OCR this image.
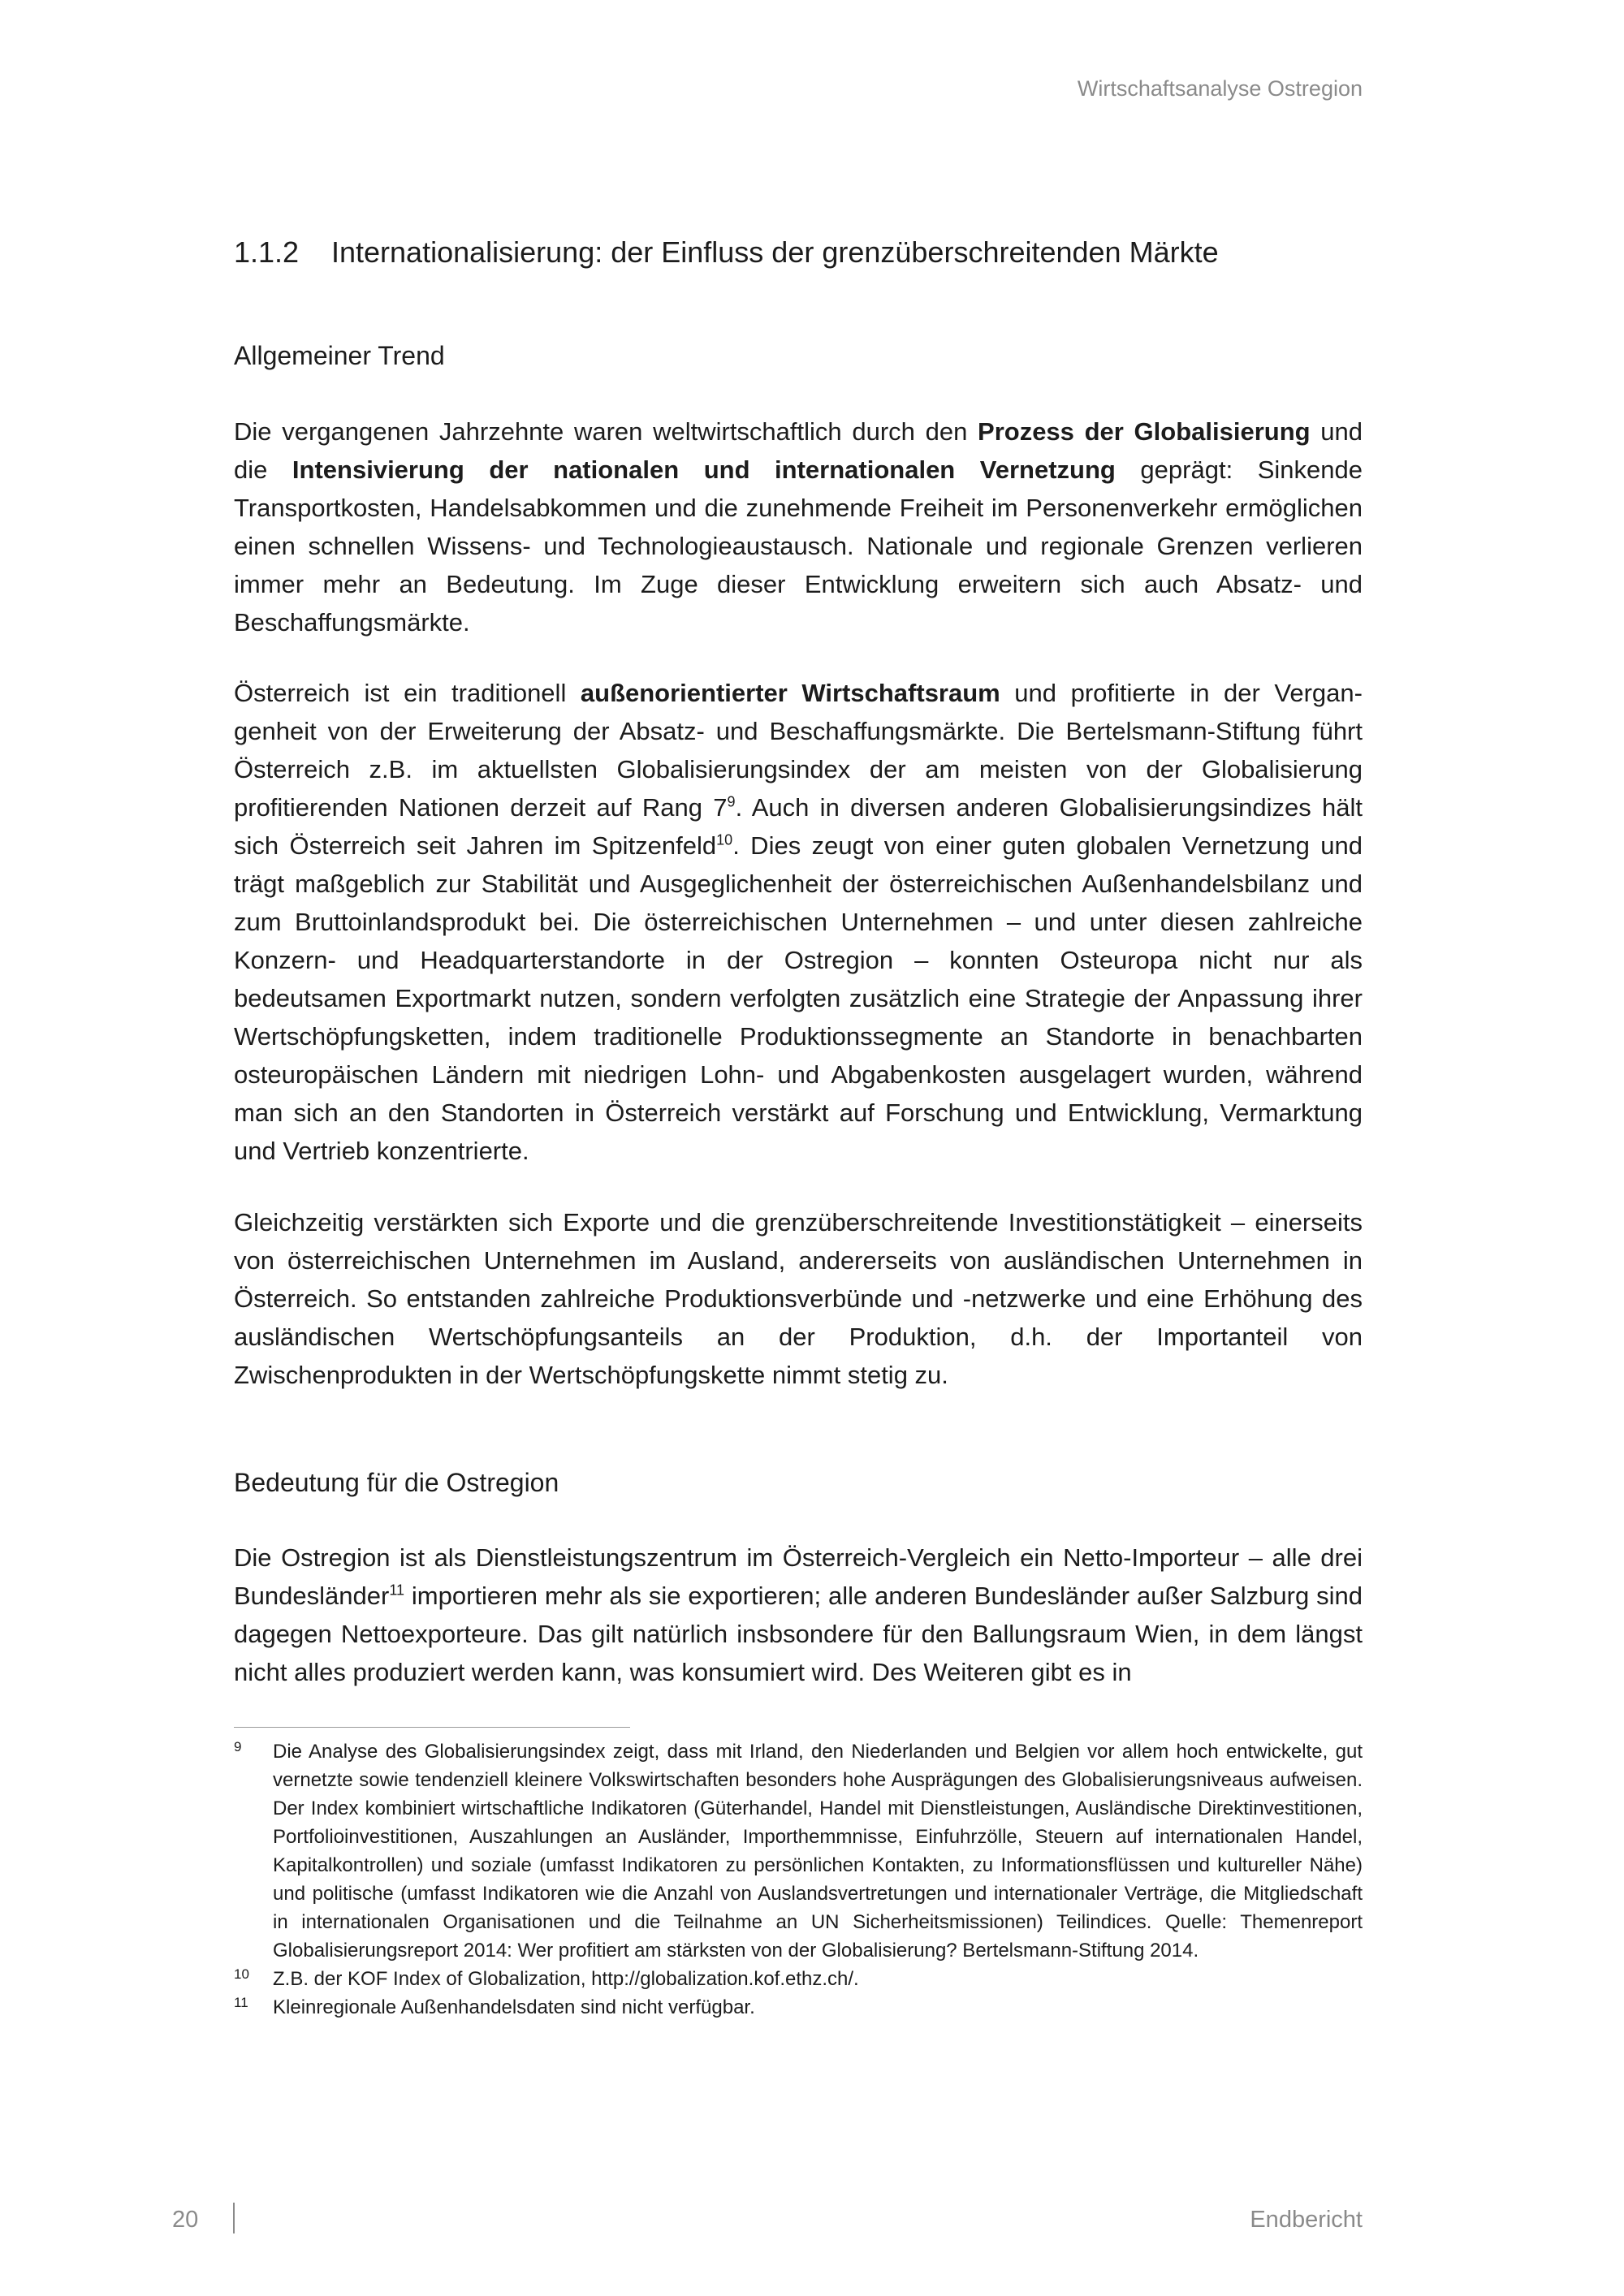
Wirtschaftsanalyse Ostregion
1.1.2 Internationalisierung: der Einfluss der grenzüberschreitenden Märkte
Allgemeiner Trend
Die vergangenen Jahrzehnte waren weltwirtschaftlich durch den Prozess der Globalisierung und die Intensivierung der nationalen und internationalen Vernetzung geprägt: Sinkende Transportkosten, Handelsabkommen und die zunehmende Freiheit im Personenverkehr ermöglichen einen schnellen Wissens- und Technologieaustausch. Nationale und regionale Grenzen verlieren immer mehr an Bedeutung. Im Zuge dieser Entwicklung erweitern sich auch Absatz- und Beschaffungsmärkte.
Österreich ist ein traditionell außenorientierter Wirtschaftsraum und profitierte in der Vergangenheit von der Erweiterung der Absatz- und Beschaffungsmärkte. Die Bertelsmann-Stiftung führt Österreich z.B. im aktuellsten Globalisierungsindex der am meisten von der Globalisierung profitierenden Nationen derzeit auf Rang $7^9$. Auch in diversen anderen Globalisierungsindizes hält sich Österreich seit Jahren im Spitzenfeld$^{10}$. Dies zeugt von einer guten globalen Vernetzung und trägt maßgeblich zur Stabilität und Ausgeglichenheit der österreichischen Außenhandelsbilanz und zum Bruttoinlandsprodukt bei. Die österreichischen Unternehmen – und unter diesen zahlreiche Konzern- und Headquarterstandorte in der Ostregion – konnten Osteuropa nicht nur als bedeutsamen Exportmarkt nutzen, sondern verfolgten zusätzlich eine Strategie der Anpassung ihrer Wertschöpfungsketten, indem traditionelle Produktionssegmente an Standorte in benachbarten osteuropäischen Ländern mit niedrigen Lohn- und Abgabenkosten ausgelagert wurden, während man sich an den Standorten in Österreich verstärkt auf Forschung und Entwicklung, Vermarktung und Vertrieb konzentrierte.
Gleichzeitig verstärkten sich Exporte und die grenzüberschreitende Investitionstätigkeit – einerseits von österreichischen Unternehmen im Ausland, andererseits von ausländischen Unternehmen in Österreich. So entstanden zahlreiche Produktionsverbünde und -netzwerke und eine Erhöhung des ausländischen Wertschöpfungsanteils an der Produktion, d.h. der Importanteil von Zwischenprodukten in der Wertschöpfungskette nimmt stetig zu.
Bedeutung für die Ostregion
Die Ostregion ist als Dienstleistungszentrum im Österreich-Vergleich ein Netto-Importeur – alle drei Bundesländer$^{11}$ importieren mehr als sie exportieren; alle anderen Bundesländer außer Salzburg sind dagegen Nettoexporteure. Das gilt natürlich insbsondere für den Ballungsraum Wien, in dem längst nicht alles produziert werden kann, was konsumiert wird. Des Weiteren gibt es in
9 Die Analyse des Globalisierungsindex zeigt, dass mit Irland, den Niederlanden und Belgien vor allem hoch entwickelte, gut vernetzte sowie tendenziell kleinere Volkswirtschaften besonders hohe Ausprägungen des Globalisierungsniveaus aufweisen. Der Index kombiniert wirtschaftliche Indikatoren (Güterhandel, Handel mit Dienstleistungen, Ausländische Direktinvestitionen, Portfolioinvestitionen, Auszahlungen an Ausländer, Importhemmnisse, Einfuhrzölle, Steuern auf internationalen Handel, Kapitalkontrollen) und soziale (umfasst Indikatoren zu persönlichen Kontakten, zu Informationsflüssen und kultureller Nähe) und politische (umfasst Indikatoren wie die Anzahl von Auslandsvertretungen und internationaler Verträge, die Mitgliedschaft in internationalen Organisationen und die Teilnahme an UN Sicherheitsmissionen) Teilindices. Quelle: Themenreport Globalisierungsreport 2014: Wer profitiert am stärksten von der Globalisierung? Bertelsmann-Stiftung 2014.
10 Z.B. der KOF Index of Globalization, http://globalization.kof.ethz.ch/.
11 Kleinregionale Außenhandelsdaten sind nicht verfügbar.
20	Endbericht
